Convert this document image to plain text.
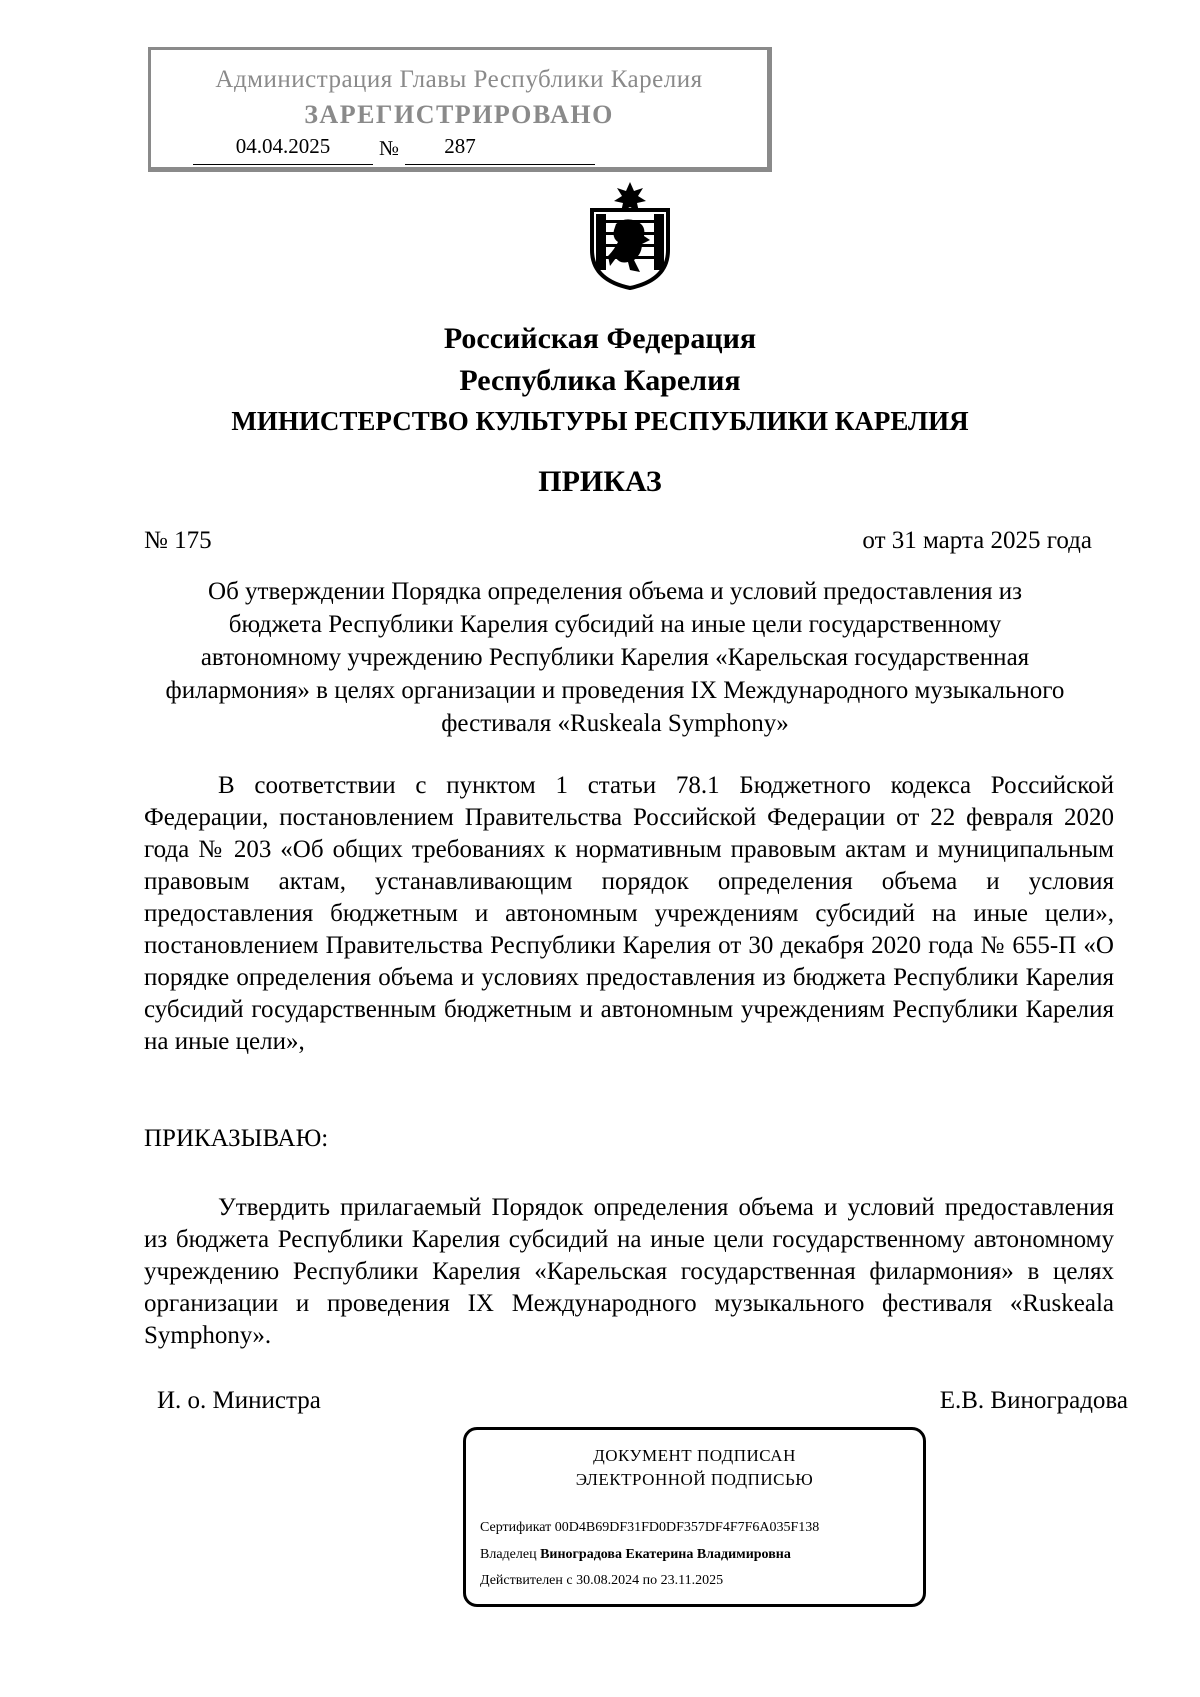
Администрация Главы Республики Карелия
ЗАРЕГИСТРИРОВАНО
04.04.2025	№	287
Российская Федерация
Республика Карелия
МИНИСТЕРСТВО КУЛЬТУРЫ РЕСПУБЛИКИ КАРЕЛИЯ
ПРИКАЗ
№ 175	от 31 марта 2025 года
Об утверждении Порядка определения объема и условий предоставления из бюджета Республики Карелия субсидий на иные цели государственному автономному учреждению Республики Карелия «Карельская государственная филармония» в целях организации и проведения IX Международного музыкального фестиваля «Ruskeala Symphony»
В соответствии с пунктом 1 статьи 78.1 Бюджетного кодекса Российской Федерации, постановлением Правительства Российской Федерации от 22 февраля 2020 года № 203 «Об общих требованиях к нормативным правовым актам и муниципальным правовым актам, устанавливающим порядок определения объема и условия предоставления бюджетным и автономным учреждениям субсидий на иные цели», постановлением Правительства Республики Карелия от 30 декабря 2020 года № 655-П «О порядке определения объема и условиях предоставления из бюджета Республики Карелия субсидий государственным бюджетным и автономным учреждениям Республики Карелия на иные цели»,
ПРИКАЗЫВАЮ:
Утвердить прилагаемый Порядок определения объема и условий предоставления из бюджета Республики Карелия субсидий на иные цели государственному автономному учреждению Республики Карелия «Карельская государственная филармония» в целях организации и проведения IX Международного музыкального фестиваля «Ruskeala Symphony».
И. о. Министра	Е.В. Виноградова
ДОКУМЕНТ ПОДПИСАН
ЭЛЕКТРОННОЙ ПОДПИСЬЮ
Сертификат 00D4B69DF31FD0DF357DF4F7F6A035F138
Владелец Виноградова Екатерина Владимировна
Действителен с 30.08.2024 по 23.11.2025
